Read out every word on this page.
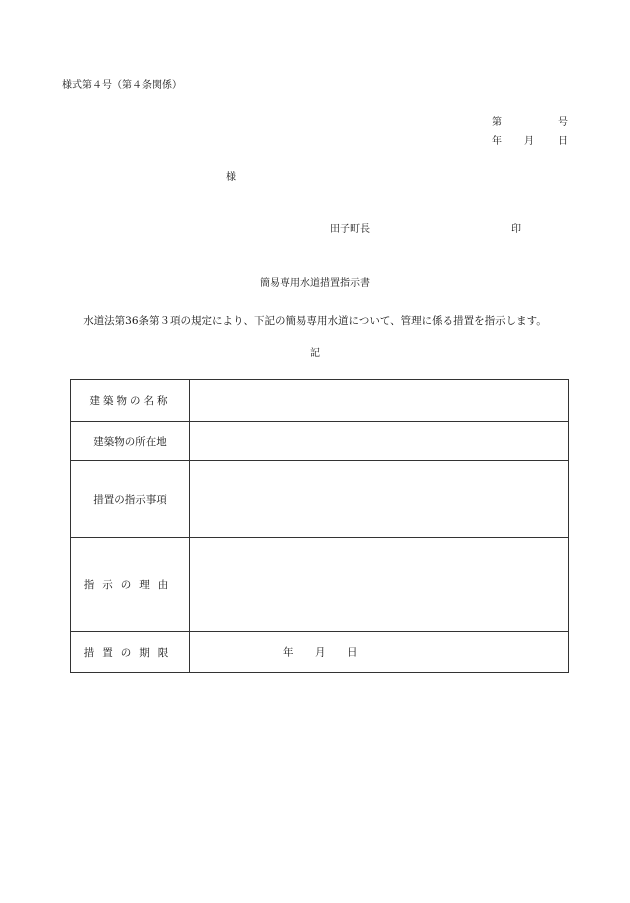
様式第４号（第４条関係）
第	号
年 月 日
様
田子町長	印
簡易専用水道措置指示書
水道法第36条第３項の規定により、下記の簡易専用水道について、管理に係る措置を指示します。
記
建築物の名称	
建築物の所在地	
措置の指示事項	
指示の理由	
措置の期限	年 月 日
